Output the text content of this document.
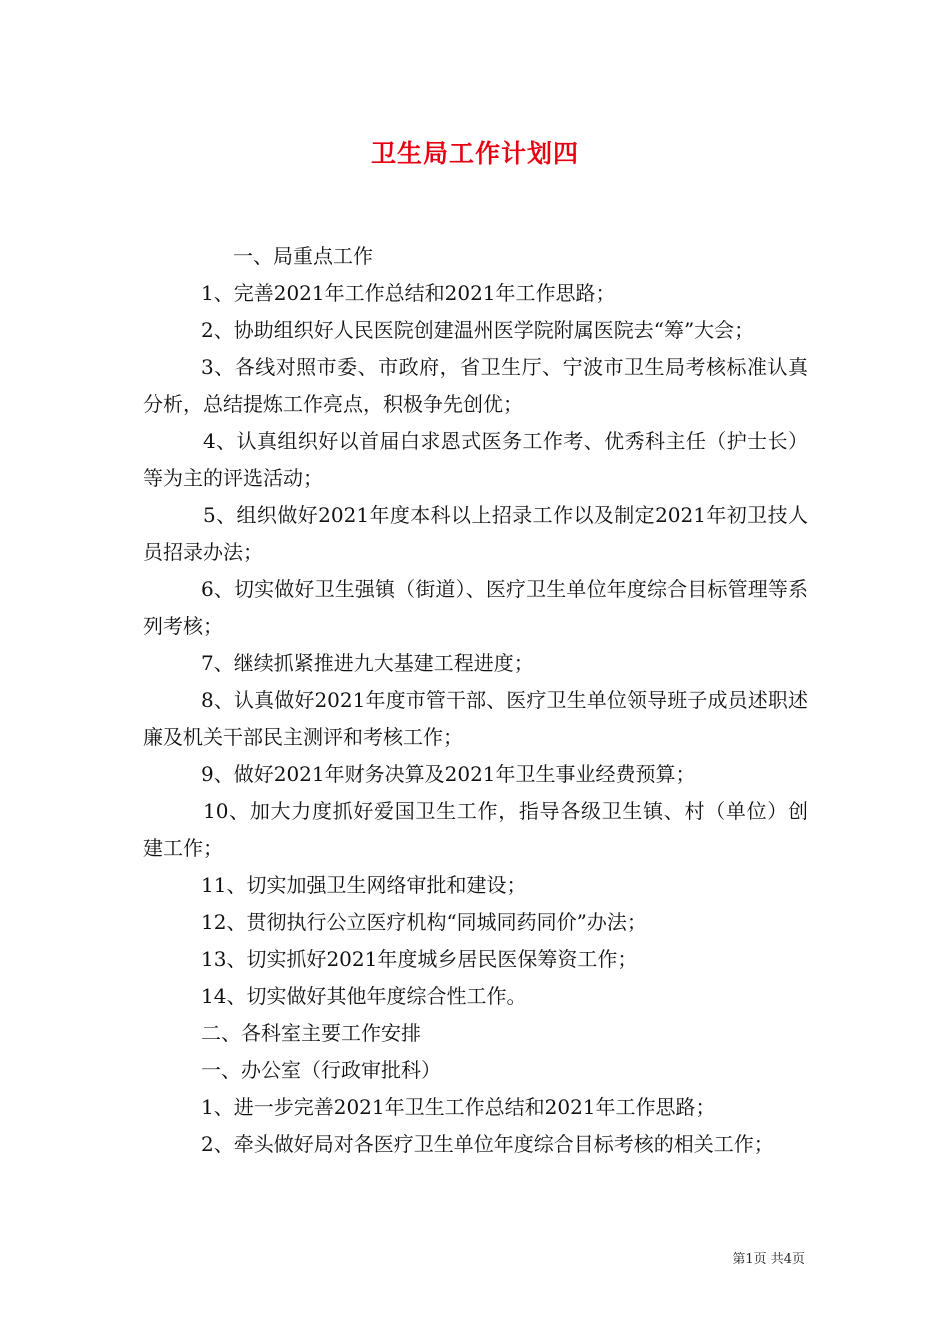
卫生局工作计划四

一、局重点工作

1、完善2021年工作总结和2021年工作思路；

2、协助组织好人民医院创建温州医学院附属医院去“筹”大会；

3、各线对照市委、市政府，省卫生厅、宁波市卫生局考核标准认真分析，总结提炼工作亮点，积极争先创优；

4、认真组织好以首届白求恩式医务工作考、优秀科主任（护士长）等为主的评选活动；

5、组织做好2021年度本科以上招录工作以及制定2021年初卫技人员招录办法；

6、切实做好卫生强镇（街道）、医疗卫生单位年度综合目标管理等系列考核；

7、继续抓紧推进九大基建工程进度；

8、认真做好2021年度市管干部、医疗卫生单位领导班子成员述职述廉及机关干部民主测评和考核工作；

9、做好2021年财务决算及2021年卫生事业经费预算；

10、加大力度抓好爱国卫生工作，指导各级卫生镇、村（单位）创建工作；

11、切实加强卫生网络审批和建设；

12、贯彻执行公立医疗机构“同城同药同价”办法；

13、切实抓好2021年度城乡居民医保筹资工作；

14、切实做好其他年度综合性工作。

二、各科室主要工作安排

一、办公室（行政审批科）

1、进一步完善2021年卫生工作总结和2021年工作思路；

2、牵头做好局对各医疗卫生单位年度综合目标考核的相关工作；

第1页 共4页
